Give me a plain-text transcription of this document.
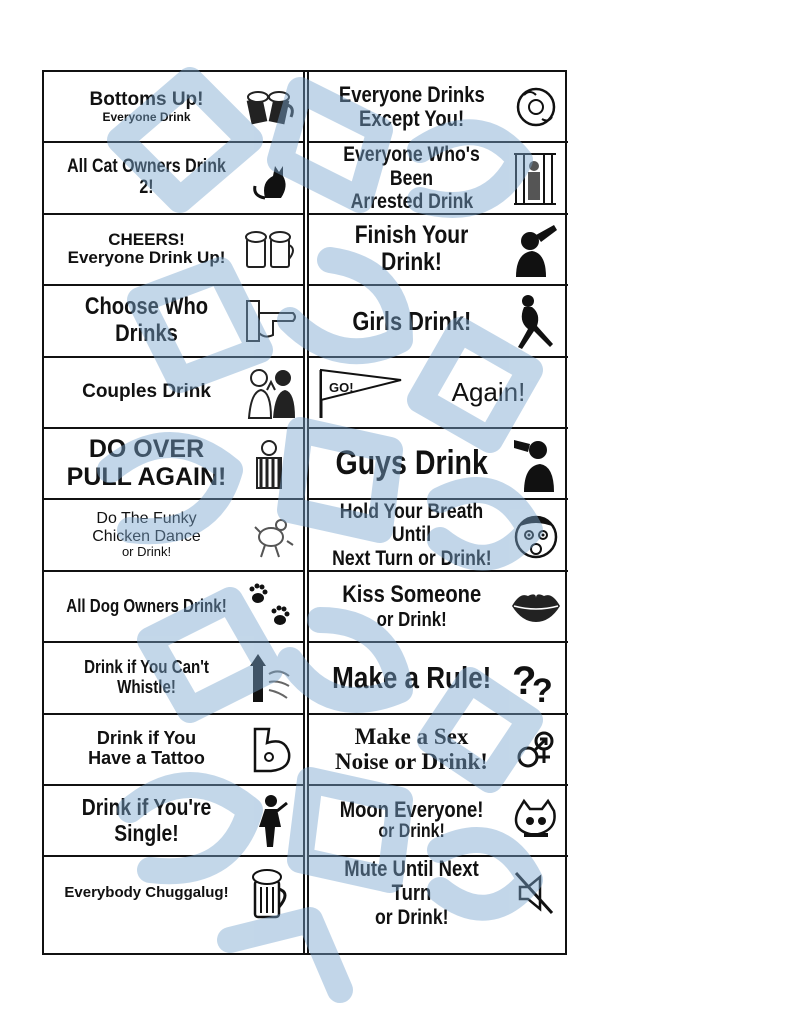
Bottoms Up!
Everyone Drink
All Cat Owners Drink 2!
CHEERS!
Everyone Drink Up!
Choose Who Drinks
Couples Drink
DO OVER
PULL AGAIN!
Do The Funky
Chicken Dance
or Drink!
All Dog Owners Drink!
Drink if You Can't Whistle!
Drink if You
Have a Tattoo
Drink if You're Single!
Everybody Chuggalug!
Everyone Drinks
Except You!
Everyone Who's Been
Arrested Drink
Finish Your Drink!
Girls Drink!
GO!	Again!
Guys Drink
Hold Your Breath Until
Next Turn or Drink!
Kiss Someone
or Drink!
Make a Rule! ?
?
Make a Sex
Noise or Drink!
Moon Everyone!
or Drink!
Mute Until Next Turn
or Drink!
